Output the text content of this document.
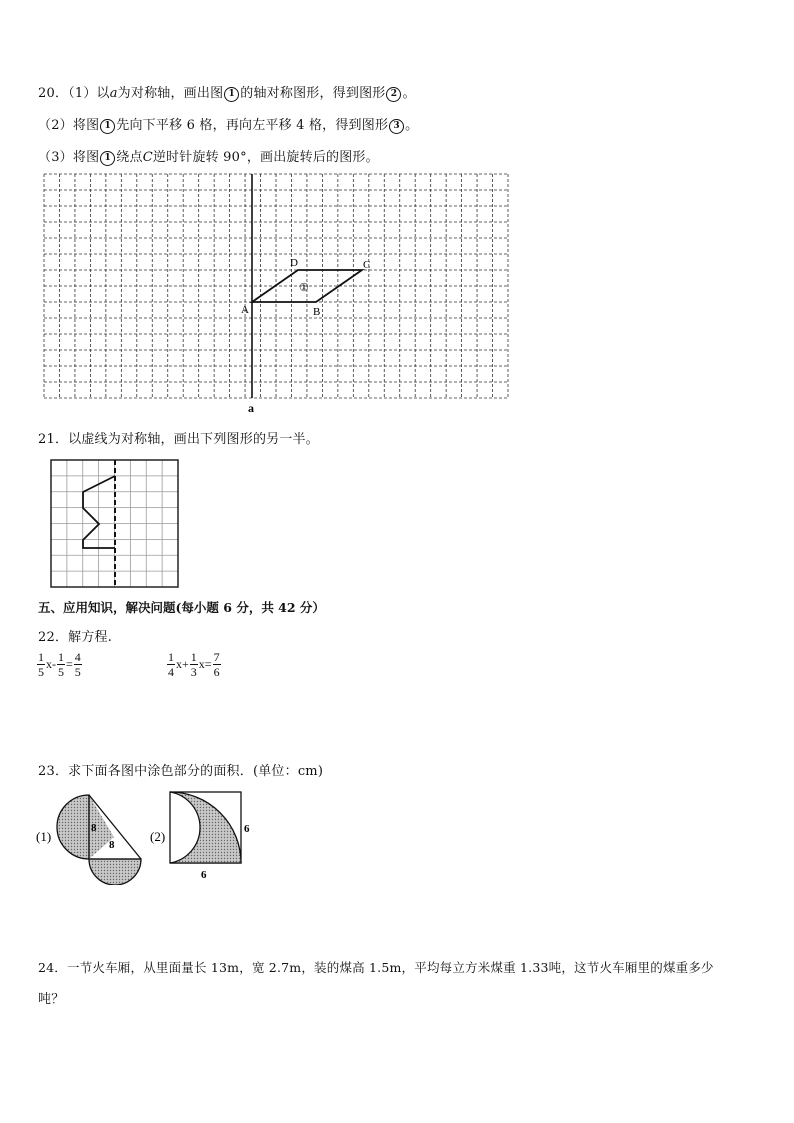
20．（1）以a为对称轴，画出图 1 的轴对称图形，得到图形 2 。
（2）将图 1 先向下平移 6 格，再向左平移 4 格，得到图形 3 。
（3）将图 1 绕点C逆时针旋转 90°，画出旋转后的图形。
A	B
C
D
①
a
21．以虚线为对称轴，画出下列图形的另一半。
五、应用知识，解决问题(每小题 6 分，共 42 分）
22．解方程.
$\frac{1}{5} x- \frac{1}{5} = \frac{4}{5}$	$\frac{1}{4} x+ \frac{1}{3} x= \frac{7}{6}$
23．求下面各图中涂色部分的面积．(单位：cm)
(1)
8
8
(2)	6
6
24．一节火车厢，从里面量长 13m，宽 2.7m，装的煤高 1.5m，平均每立方米煤重 1.33吨，这节火车厢里的煤重多少
吨？
